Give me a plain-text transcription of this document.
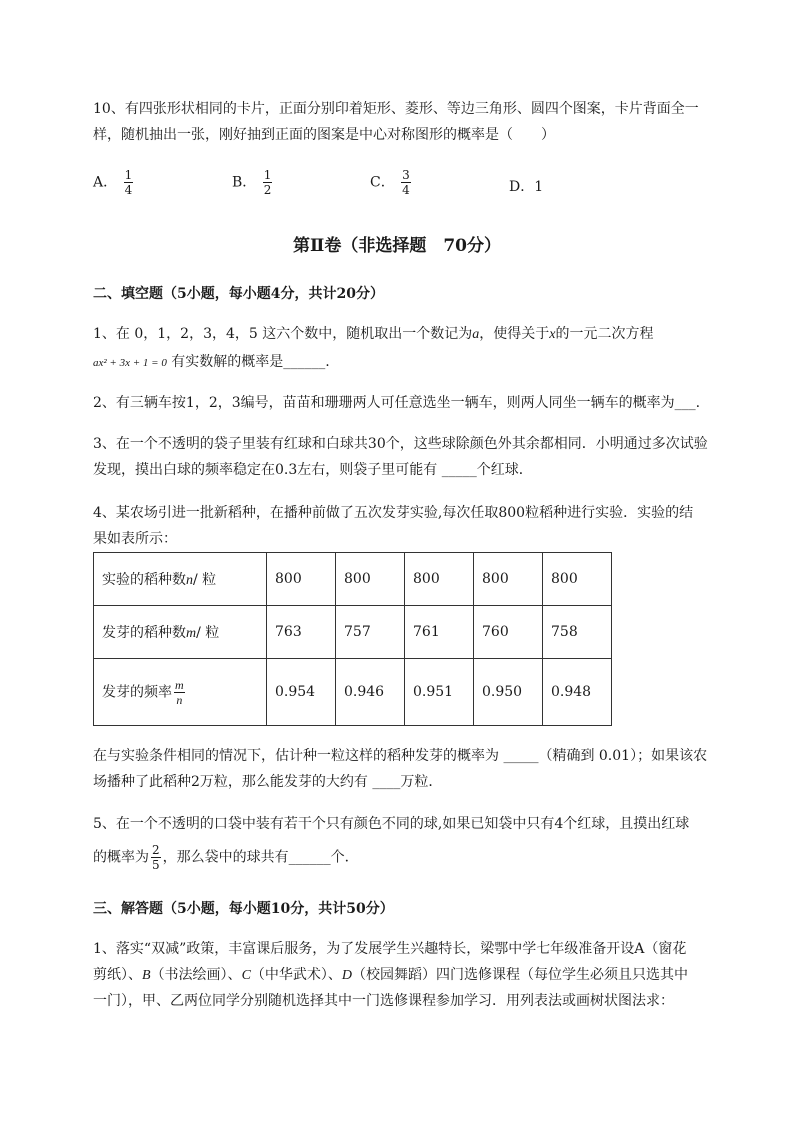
10、有四张形状相同的卡片，正面分别印着矩形、菱形、等边三角形、圆四个图案，卡片背面全一
样，随机抽出一张，刚好抽到正面的图案是中心对称图形的概率是（　　）
A． $\frac{1}{4}$	B． $\frac{1}{2}$	C． $\frac{3}{4}$	D．1
第Ⅱ卷（非选择题　70分）
二、填空题（5小题，每小题4分，共计20分）
1、在 0，1，2，3，4，5 这六个数中，随机取出一个数记为a，使得关于x的一元二次方程
ax² + 3x + 1 = 0 有实数解的概率是______.
2、有三辆车按1，2，3编号，苗苗和珊珊两人可任意选坐一辆车，则两人同坐一辆车的概率为___.
3、在一个不透明的袋子里装有红球和白球共30个，这些球除颜色外其余都相同．小明通过多次试验
发现，摸出白球的频率稳定在0.3左右，则袋子里可能有 _____个红球．
4、某农场引进一批新稻种，在播种前做了五次发芽实验,每次任取800粒稻种进行实验．实验的结
果如表所示：
实验的稻种数n/ 粒	800	800	800	800	800
发芽的稻种数m/ 粒	763	757	761	760	758
发芽的频率 $\frac{m}{n}$	0.954	0.946	0.951	0.950	0.948
在与实验条件相同的情况下，估计种一粒这样的稻种发芽的概率为 _____（精确到 0.01）；如果该农
场播种了此稻种2万粒，那么能发芽的大约有 ____万粒．
5、在一个不透明的口袋中装有若干个只有颜色不同的球,如果已知袋中只有4个红球，且摸出红球
的概率为 $\frac{2}{5}$ ，那么袋中的球共有______个．
三、解答题（5小题，每小题10分，共计50分）
1、落实“双减”政策，丰富课后服务，为了发展学生兴趣特长，梁鄂中学七年级准备开设A（窗花
剪纸）、B（书法绘画）、C（中华武术）、D（校园舞蹈）四门选修课程（每位学生必须且只选其中
一门），甲、乙两位同学分别随机选择其中一门选修课程参加学习．用列表法或画树状图法求：
